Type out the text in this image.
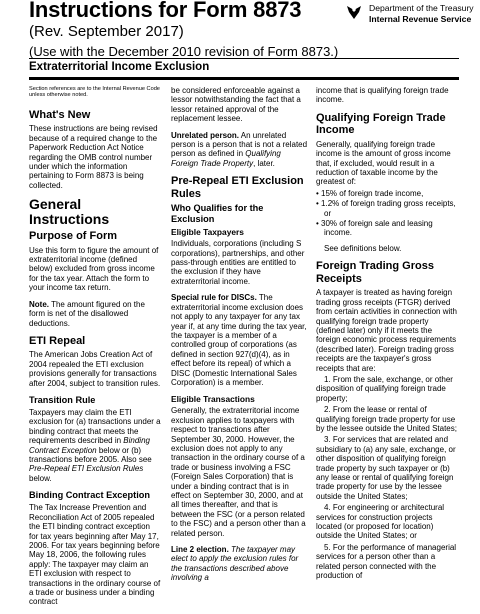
Instructions for Form 8873
(Rev. September 2017)
(Use with the December 2010 revision of Form 8873.)
Extraterritorial Income Exclusion
Department of the Treasury
Internal Revenue Service

Section references are to the Internal Revenue Code unless otherwise noted.

What's New

These instructions are being revised because of a required change to the Paperwork Reduction Act Notice regarding the OMB control number under which the information pertaining to Form 8873 is being collected.

General Instructions
Purpose of Form

Use this form to figure the amount of extraterritorial income (defined below) excluded from gross income for the tax year. Attach the form to your income tax return.

Note. The amount figured on the form is net of the disallowed deductions.

ETI Repeal

The American Jobs Creation Act of 2004 repealed the ETI exclusion provisions generally for transactions after 2004, subject to transition rules.

Transition Rule

Taxpayers may claim the ETI exclusion for (a) transactions under a binding contract that meets the requirements described in Binding Contract Exception below or (b) transactions before 2005. Also see Pre-Repeal ETI Exclusion Rules below.

Binding Contract Exception

The Tax Increase Prevention and Reconciliation Act of 2005 repealed the ETI binding contract exception for tax years beginning after May 17, 2006. For tax years beginning before May 18, 2006, the following rules apply: The taxpayer may claim an ETI exclusion with respect to transactions in the ordinary course of a trade or business under a binding contract

be considered enforceable against a lessor notwithstanding the fact that a lessor retained approval of the replacement lessee.

Unrelated person. An unrelated person is a person that is not a related person as defined in Qualifying Foreign Trade Property, later.

Pre-Repeal ETI Exclusion Rules
Who Qualifies for the Exclusion
Eligible Taxpayers

Individuals, corporations (including S corporations), partnerships, and other pass-through entities are entitled to the exclusion if they have extraterritorial income.

Special rule for DISCs. The extraterritorial income exclusion does not apply to any taxpayer for any tax year if, at any time during the tax year, the taxpayer is a member of a controlled group of corporations (as defined in section 927(d)(4), as in effect before its repeal) of which a DISC (Domestic International Sales Corporation) is a member.

Eligible Transactions

Generally, the extraterritorial income exclusion applies to taxpayers with respect to transactions after September 30, 2000. However, the exclusion does not apply to any transaction in the ordinary course of a trade or business involving a FSC (Foreign Sales Corporation) that is under a binding contract that is in effect on September 30, 2000, and at all times thereafter, and that is between the FSC (or a person related to the FSC) and a person other than a related person.

Line 2 election. The taxpayer may elect to apply the exclusion rules for the transactions described above involving a

income that is qualifying foreign trade income.

Qualifying Foreign Trade Income

Generally, qualifying foreign trade income is the amount of gross income that, if excluded, would result in a reduction of taxable income by the greatest of:

• 15% of foreign trade income,

• 1.2% of foreign trading gross receipts, or

• 30% of foreign sale and leasing income.

See definitions below.

Foreign Trading Gross Receipts

A taxpayer is treated as having foreign trading gross receipts (FTGR) derived from certain activities in connection with qualifying foreign trade property (defined later) only if it meets the foreign economic process requirements (described later). Foreign trading gross receipts are the taxpayer's gross receipts that are:

1. From the sale, exchange, or other disposition of qualifying foreign trade property;

2. From the lease or rental of qualifying foreign trade property for use by the lessee outside the United States;

3. For services that are related and subsidiary to (a) any sale, exchange, or other disposition of qualifying foreign trade property by such taxpayer or (b) any lease or rental of qualifying foreign trade property for use by the lessee outside the United States;

4. For engineering or architectural services for construction projects located (or proposed for location) outside the United States; or

5. For the performance of managerial services for a person other than a related person connected with the production of
